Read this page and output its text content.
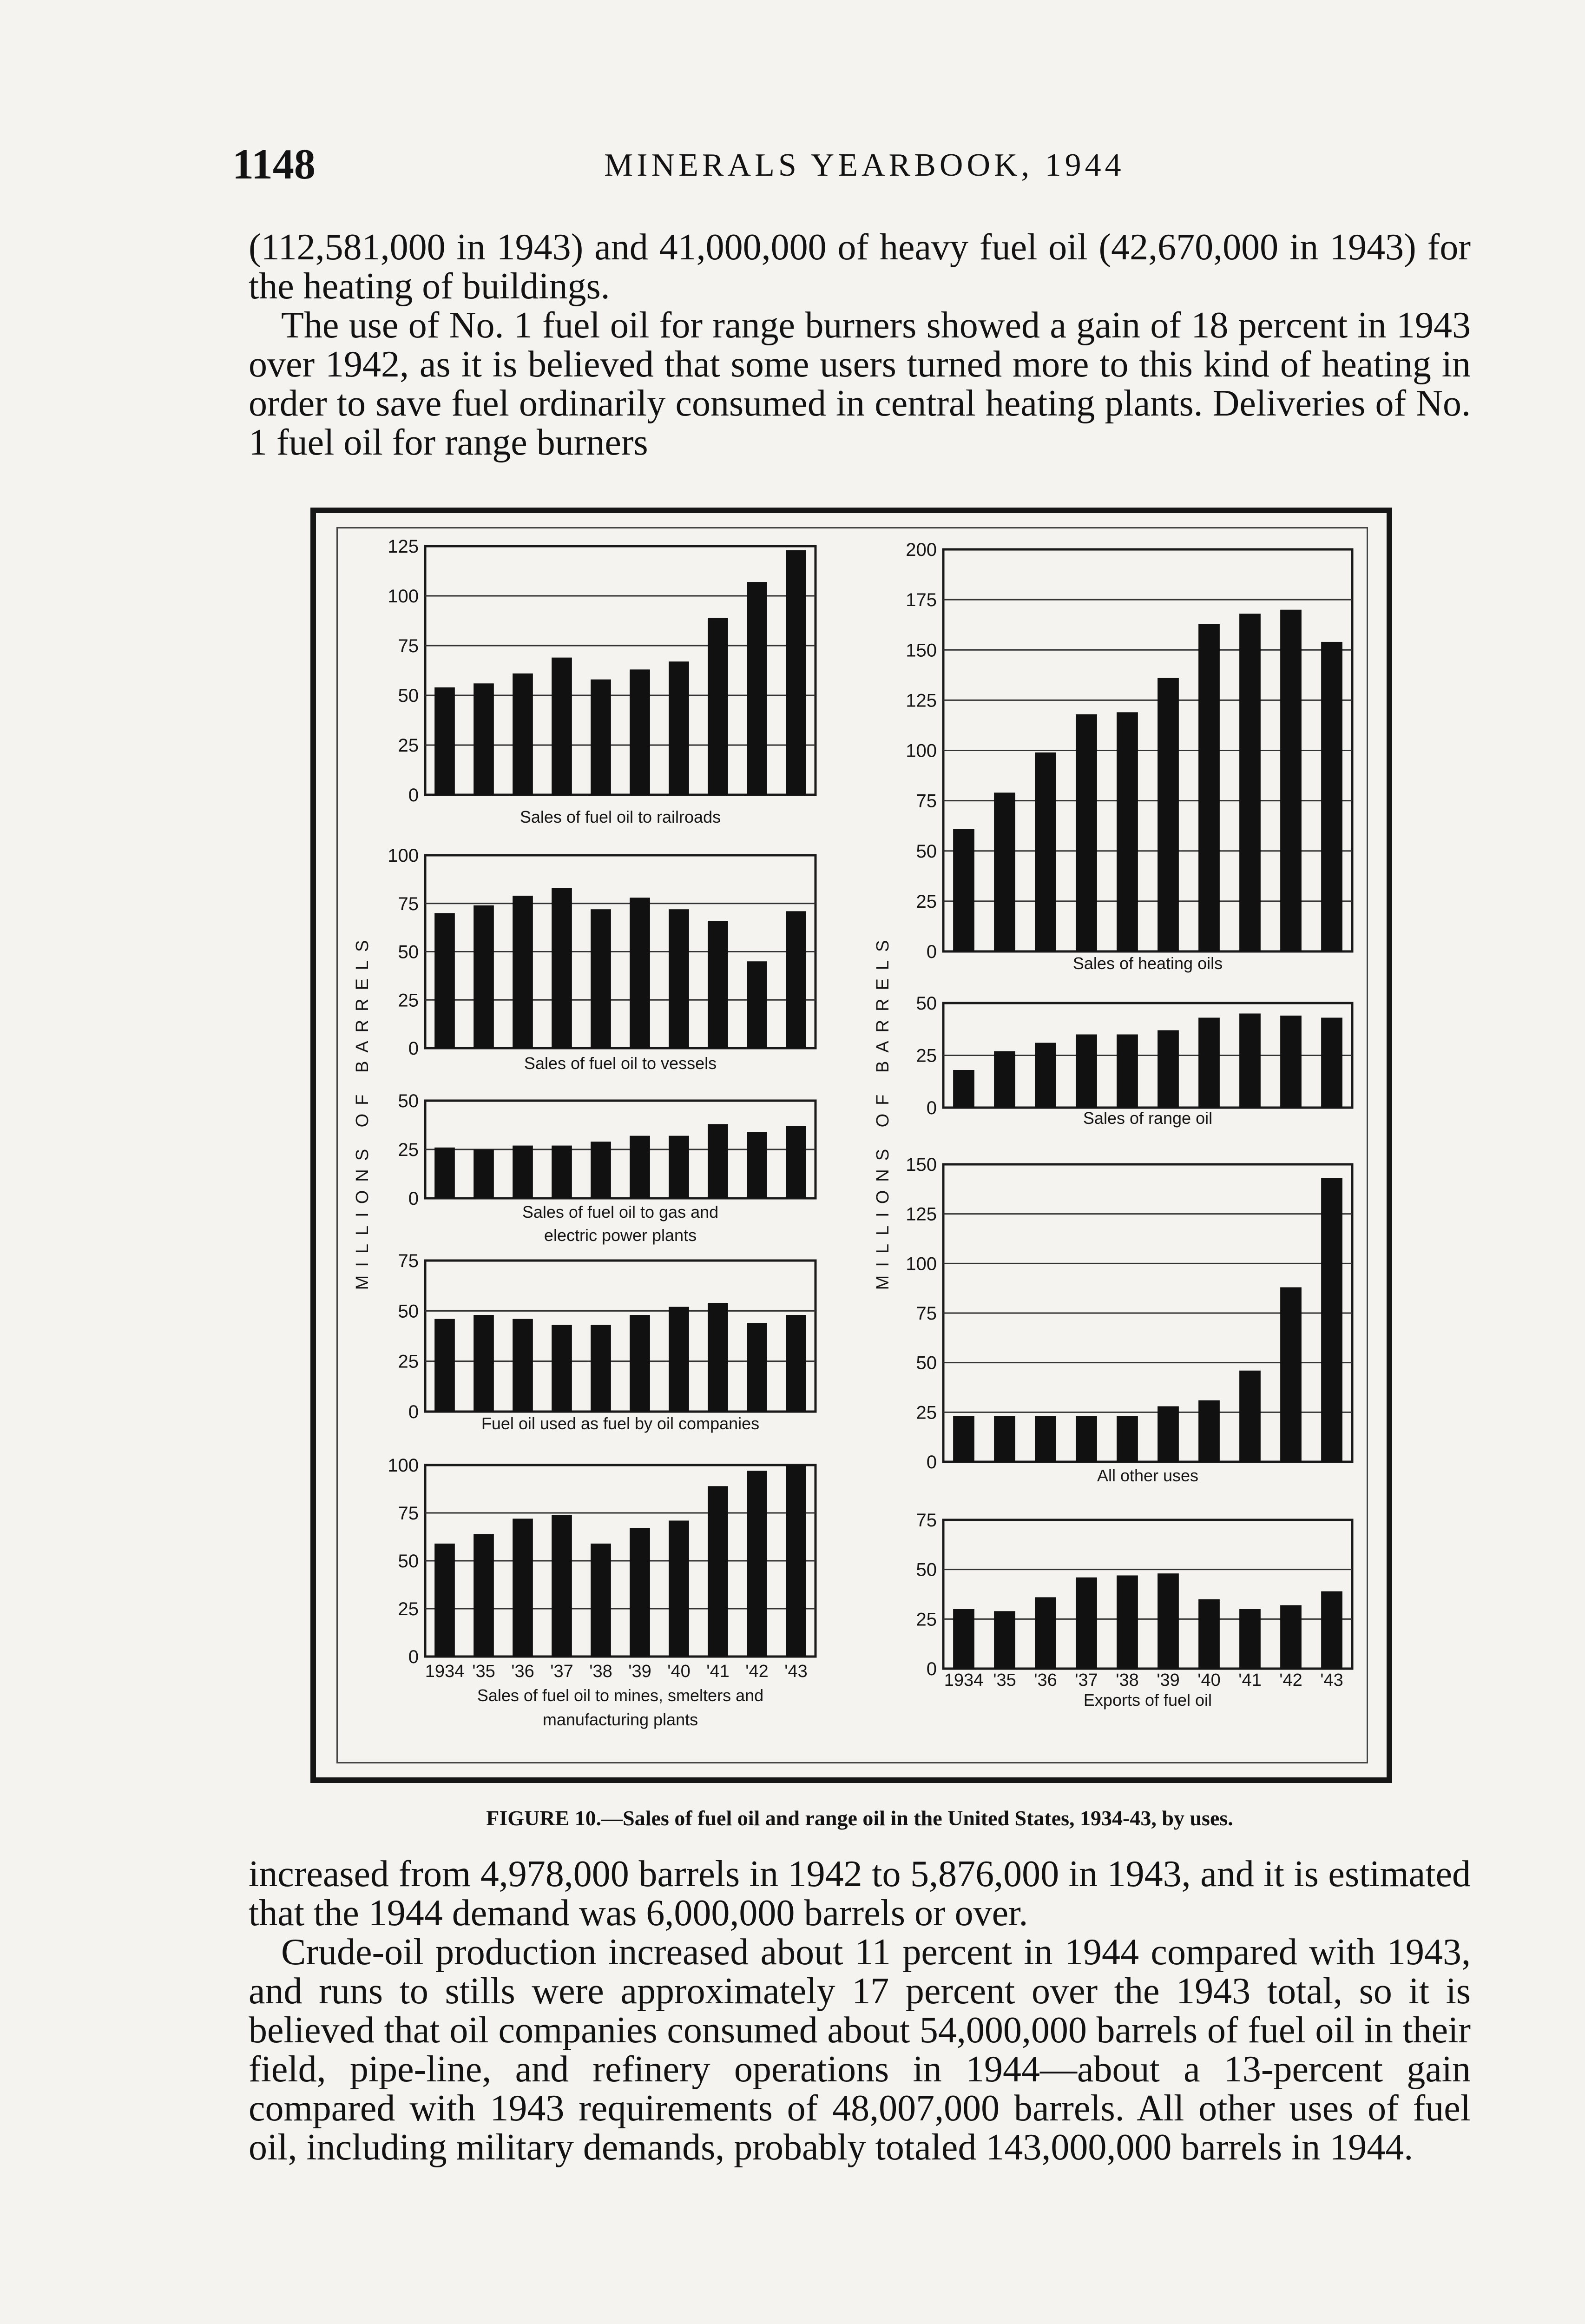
1148	MINERALS YEARBOOK, 1944

(112,581,000 in 1943) and 41,000,000 of heavy fuel oil (42,670,000 in 1943) for the heating of buildings.

The use of No. 1 fuel oil for range burners showed a gain of 18 percent in 1943 over 1942, as it is believed that some users turned more to this kind of heating in order to save fuel ordinarily consumed in central heating plants. Deliveries of No. 1 fuel oil for range burners

MILLIONS OF BARRELS	MILLIONS OF BARRELS
0
25
50
75
100
125
Sales of fuel oil to railroads
0
25
50
75
100
Sales of fuel oil to vessels
0
25
50
Sales of fuel oil to gas and
electric power plants
0
25
50
75
Fuel oil used as fuel by oil companies
0
25
50
75
100
1934 '35 '36 '37 '38 '39 '40 '41 '42 '43
Sales of fuel oil to mines, smelters and
manufacturing plants
0
25
50
75
100
125
150
175
200
Sales of heating oils
0
25
50
Sales of range oil
0
25
50
75
100
125
150
All other uses
0
25
50
75
1934 '35 '36 '37 '38 '39 '40 '41 '42 '43
Exports of fuel oil
FIGURE 10.—Sales of fuel oil and range oil in the United States, 1934-43, by uses.

increased from 4,978,000 barrels in 1942 to 5,876,000 in 1943, and it is estimated that the 1944 demand was 6,000,000 barrels or over.

Crude-oil production increased about 11 percent in 1944 compared with 1943, and runs to stills were approximately 17 percent over the 1943 total, so it is believed that oil companies consumed about 54,000,000 barrels of fuel oil in their field, pipe-line, and refinery operations in 1944—about a 13-percent gain compared with 1943 requirements of 48,007,000 barrels. All other uses of fuel oil, including military demands, probably totaled 143,000,000 barrels in 1944.
